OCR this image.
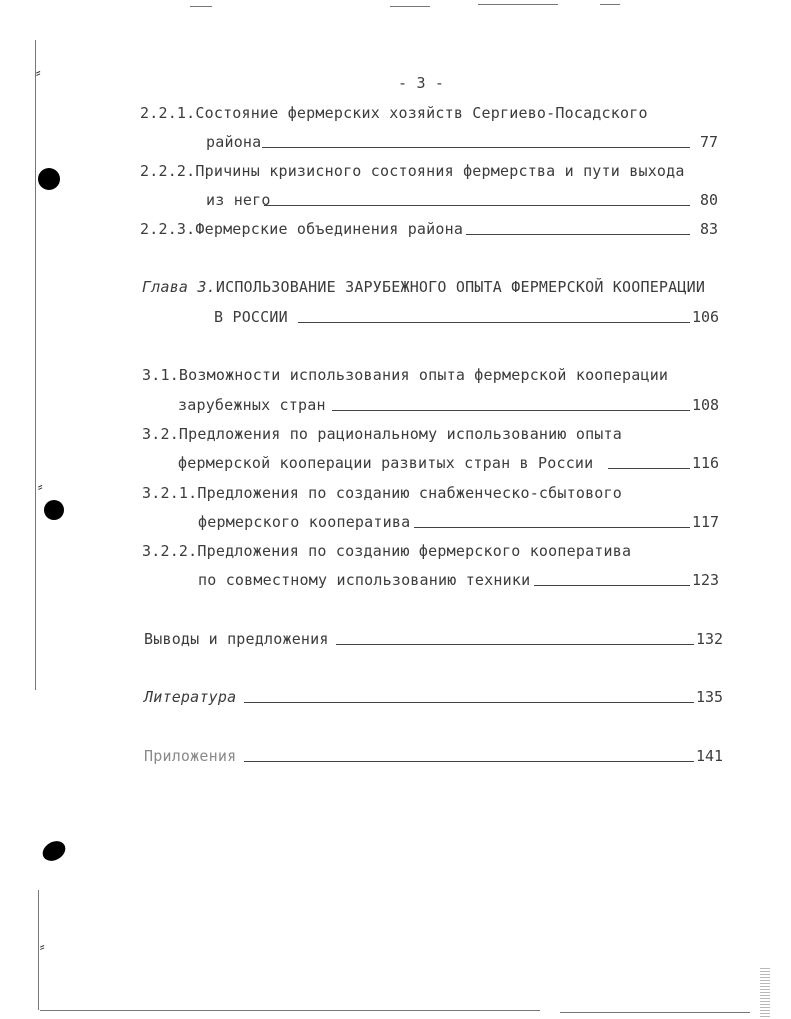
⸗
⸗
⸗
- 3 -
2.2.1.Состояние фермерских хозяйств Сергиево-Посадского
района	77
2.2.2.Причины кризисного состояния фермерства и пути выхода
из него	80
2.2.3.Фермерские объединения района	83
Глава 3.ИСПОЛЬЗОВАНИЕ ЗАРУБЕЖНОГО ОПЫТА ФЕРМЕРСКОЙ КООПЕРАЦИИ
В РОССИИ	106
3.1.Возможности использования опыта фермерской кооперации
зарубежных стран	108
3.2.Предложения по рациональному использованию опыта
фермерской кооперации развитых стран в России	116
3.2.1.Предложения по созданию снабженческо-сбытового
фермерского кооператива	117
3.2.2.Предложения по созданию фермерского кооператива
по совместному использованию техники	123
Выводы и предложения	132
Литература	135
Приложения	141
